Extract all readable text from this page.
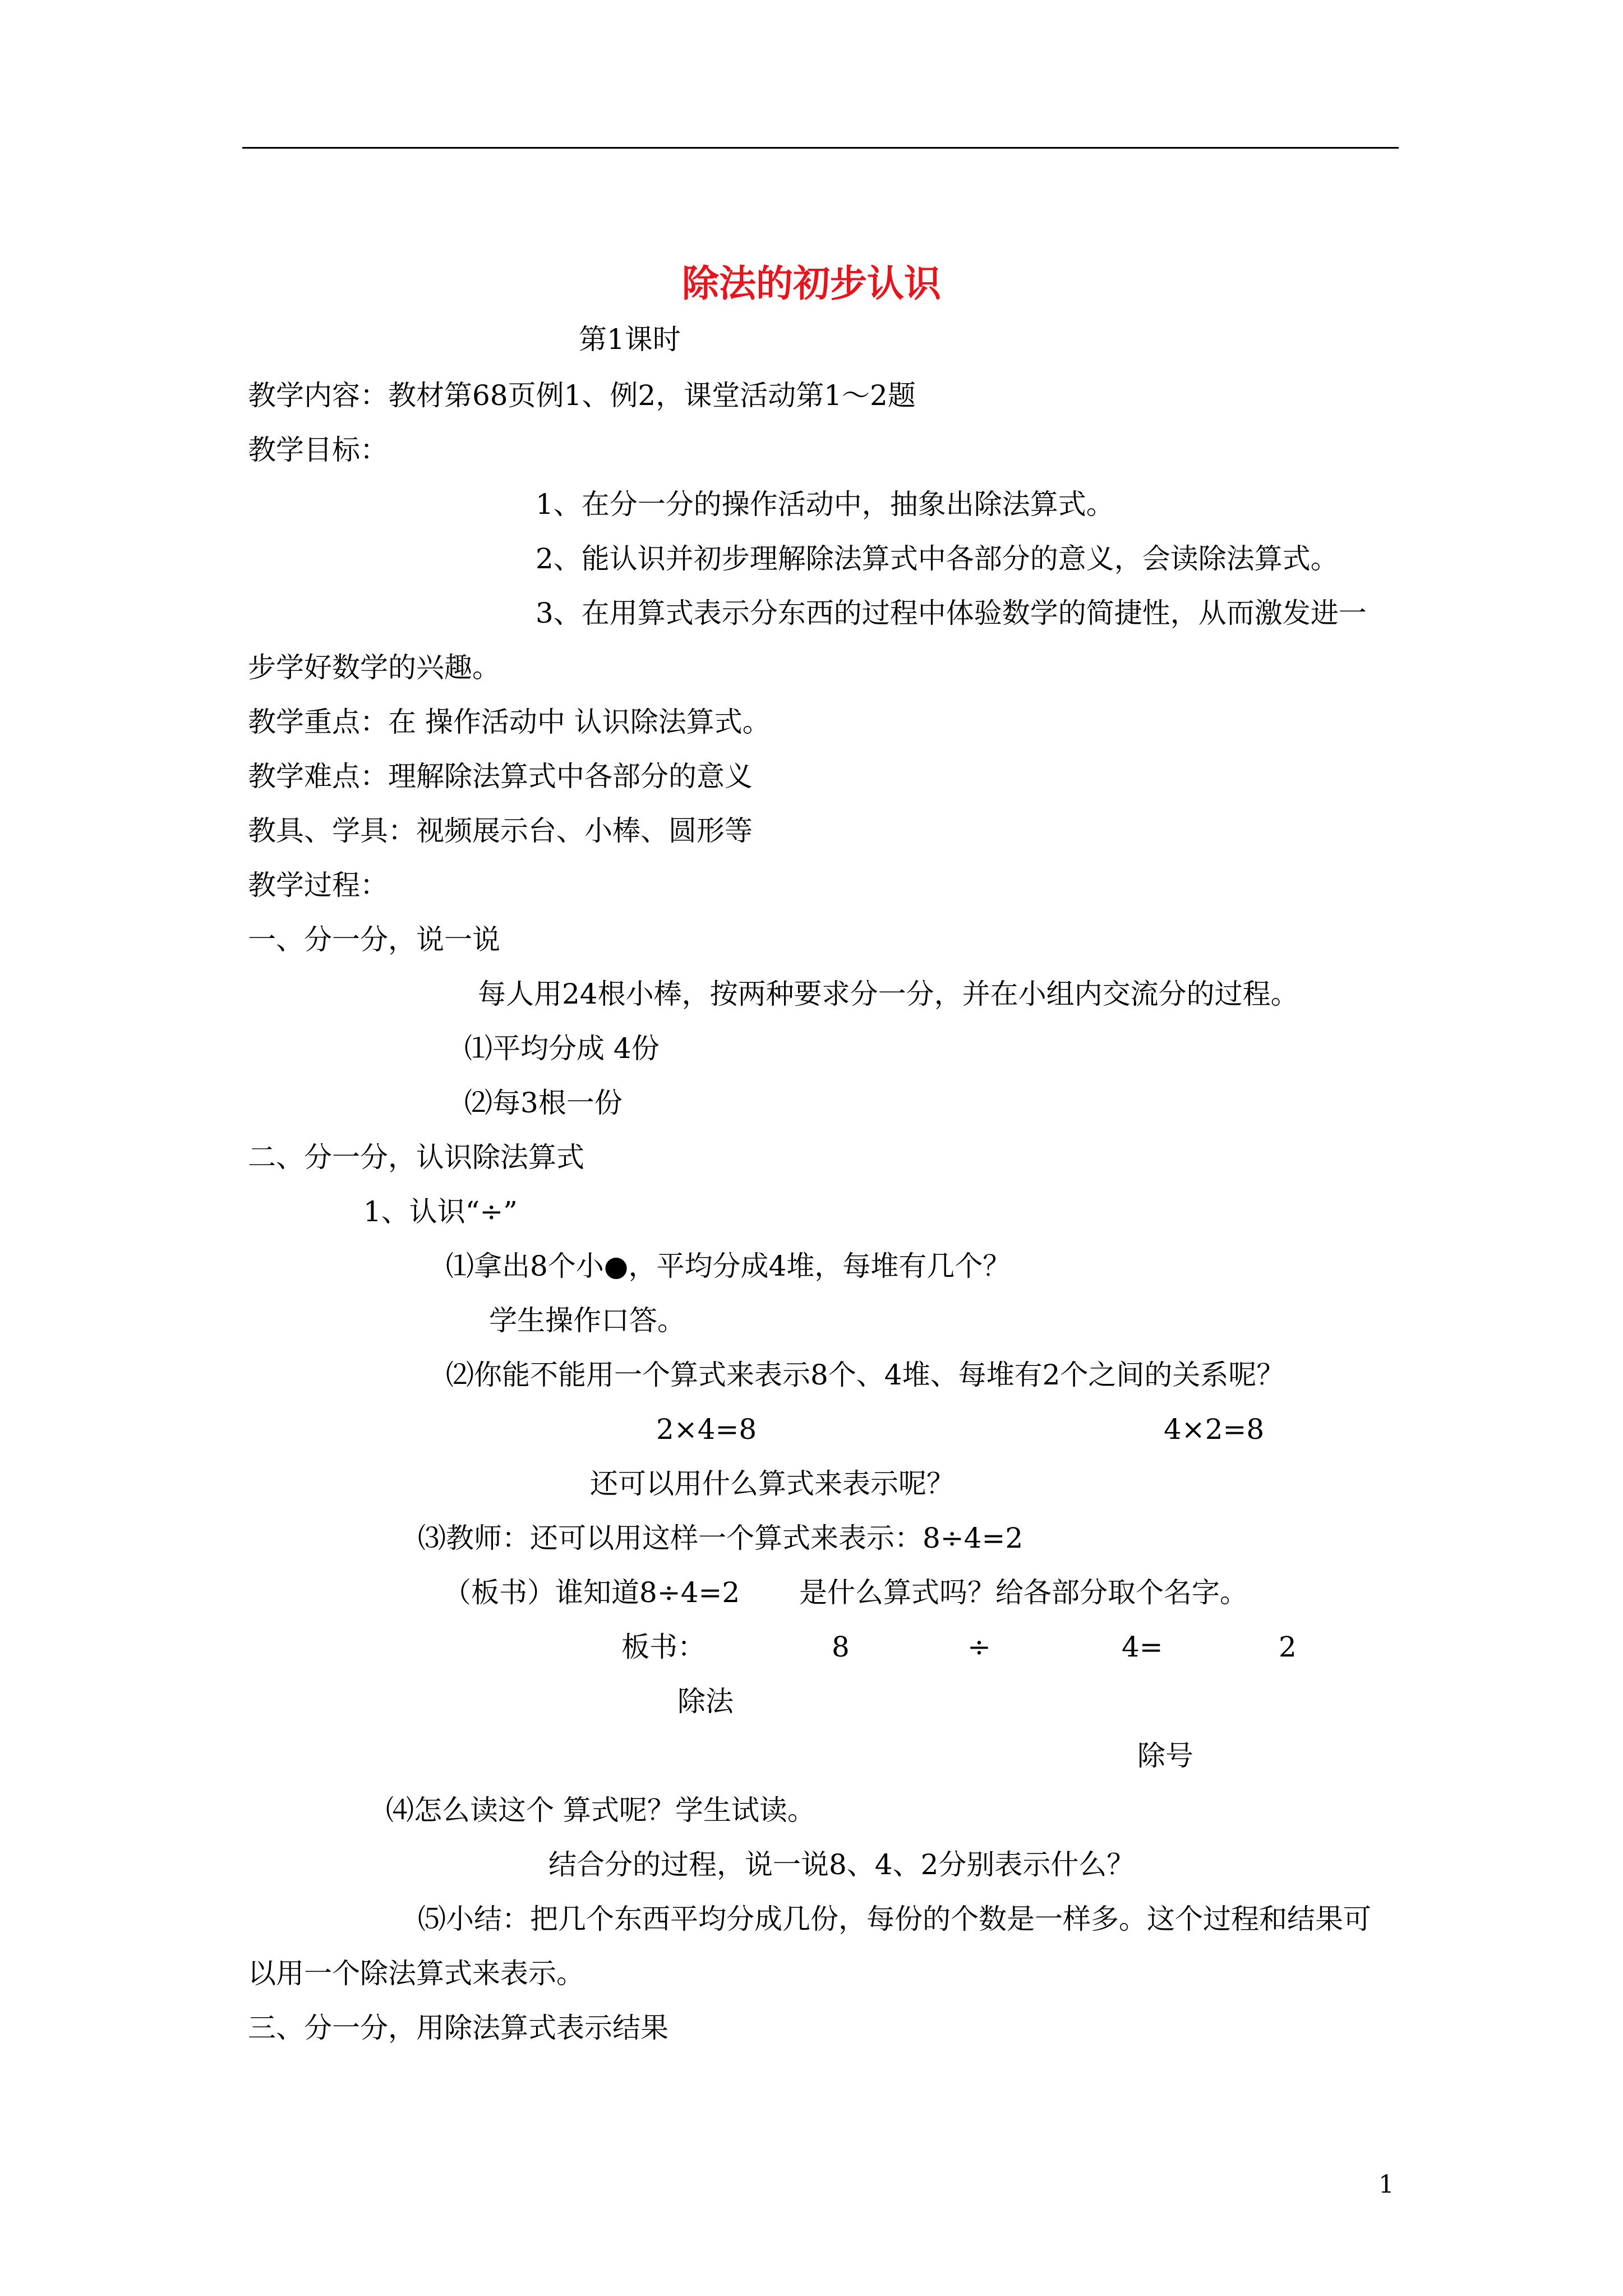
除法的初步认识
第1课时
教学内容：教材第68页例1、例2，课堂活动第1～2题
教学目标：
1、在分一分的操作活动中，抽象出除法算式。
2、能认识并初步理解除法算式中各部分的意义，会读除法算式。
3、在用算式表示分东西的过程中体验数学的简捷性，从而激发进一
步学好数学的兴趣。
教学重点：在 操作活动中 认识除法算式。
教学难点：理解除法算式中各部分的意义
教具、学具：视频展示台、小棒、圆形等
教学过程：
一、分一分，说一说
每人用24根小棒，按两种要求分一分，并在小组内交流分的过程。
⑴平均分成 4份
⑵每3根一份
二、分一分，认识除法算式
1、认识“÷”
⑴拿出8个小●，平均分成4堆，每堆有几个？
学生操作口答。
⑵你能不能用一个算式来表示8个、4堆、每堆有2个之间的关系呢？
2×4=8	4×2=8
还可以用什么算式来表示呢？
⑶教师：还可以用这样一个算式来表示：8÷4=2
（板书）谁知道8÷4=2 是什么算式吗？给各部分取个名字。
板书：	8	÷	4=	2
除法
除号
⑷怎么读这个 算式呢？学生试读。
结合分的过程，说一说8、4、2分别表示什么？
⑸小结：把几个东西平均分成几份，每份的个数是一样多。这个过程和结果可
以用一个除法算式来表示。
三、分一分，用除法算式表示结果
1
